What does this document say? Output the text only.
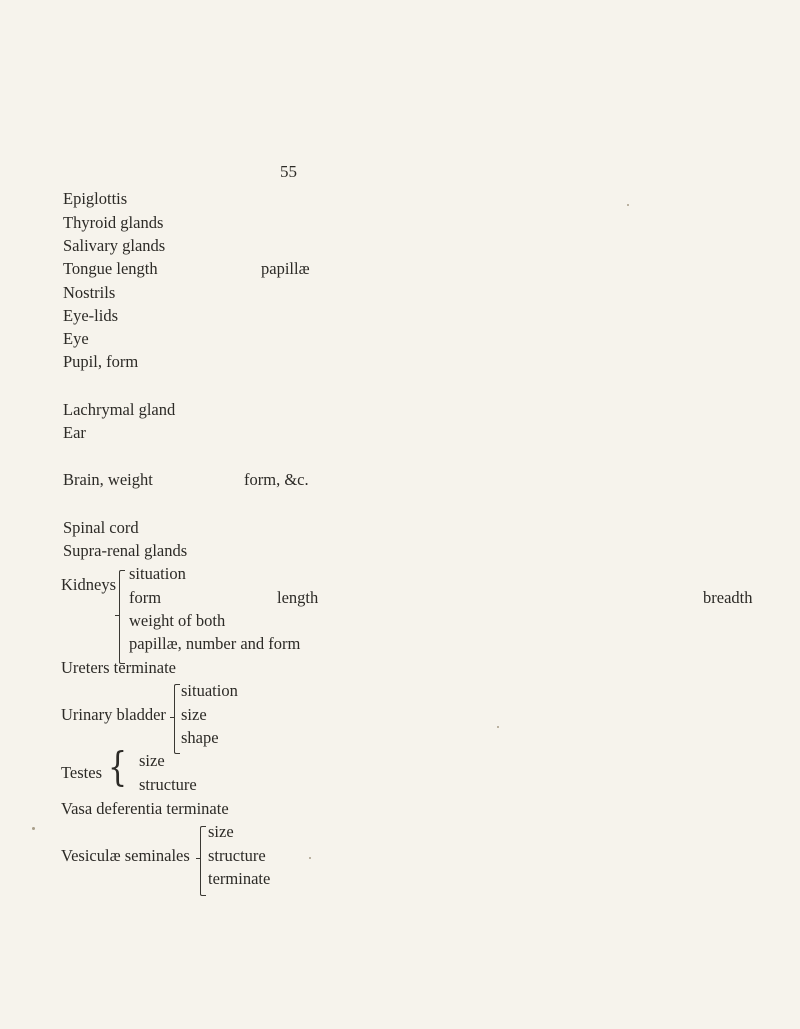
55
Epiglottis
Thyroid glands
Salivary glands
Tongue length	papillæ
Nostrils
Eye-lids
Eye
Pupil, form
Lachrymal gland
Ear
Brain, weight	form, &c.
Spinal cord
Supra-renal glands
Kidneys
situation
form	length	breadth
weight of both
papillæ, number and form
Ureters terminate
Urinary bladder
situation
size
shape
Testes { size
structure
Vasa deferentia terminate
Vesiculæ seminales
size
structure
terminate
